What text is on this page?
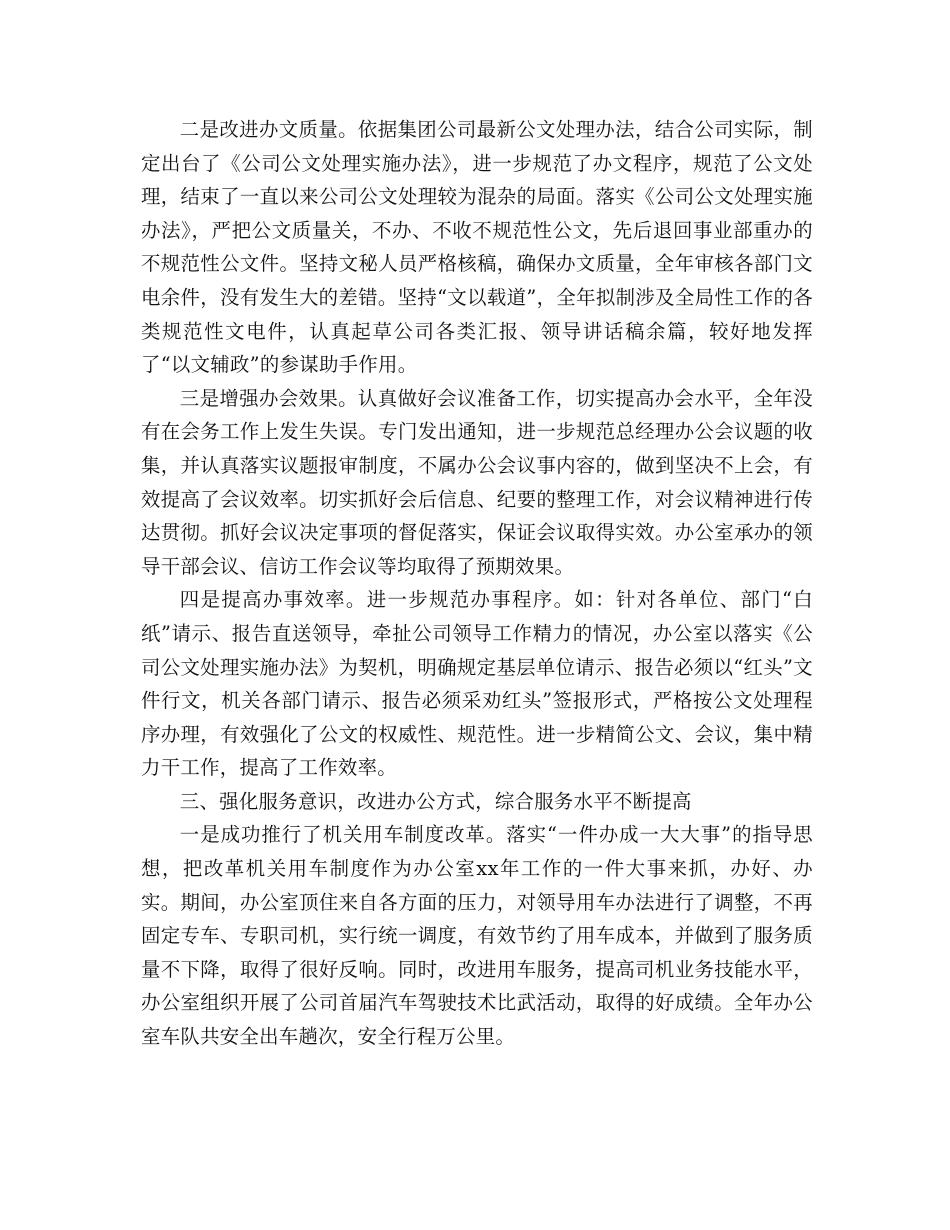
二是改进办文质量。依据集团公司最新公文处理办法，结合公司实际，制定出台了《公司公文处理实施办法》，进一步规范了办文程序，规范了公文处理，结束了一直以来公司公文处理较为混杂的局面。落实《公司公文处理实施办法》，严把公文质量关，不办、不收不规范性公文，先后退回事业部重办的不规范性公文件。坚持文秘人员严格核稿，确保办文质量，全年审核各部门文电余件，没有发生大的差错。坚持“文以载道”，全年拟制涉及全局性工作的各类规范性文电件，认真起草公司各类汇报、领导讲话稿余篇，较好地发挥了“以文辅政”的参谋助手作用。

三是增强办会效果。认真做好会议准备工作，切实提高办会水平，全年没有在会务工作上发生失误。专门发出通知，进一步规范总经理办公会议题的收集，并认真落实议题报审制度，不属办公会议事内容的，做到坚决不上会，有效提高了会议效率。切实抓好会后信息、纪要的整理工作，对会议精神进行传达贯彻。抓好会议决定事项的督促落实，保证会议取得实效。办公室承办的领导干部会议、信访工作会议等均取得了预期效果。

四是提高办事效率。进一步规范办事程序。如：针对各单位、部门“白纸”请示、报告直送领导，牵扯公司领导工作精力的情况，办公室以落实《公司公文处理实施办法》为契机，明确规定基层单位请示、报告必须以“红头”文件行文，机关各部门请示、报告必须采劝红头”签报形式，严格按公文处理程序办理，有效强化了公文的权威性、规范性。进一步精简公文、会议，集中精力干工作，提高了工作效率。

三、强化服务意识，改进办公方式，综合服务水平不断提高

一是成功推行了机关用车制度改革。落实“一件办成一大大事”的指导思想，把改革机关用车制度作为办公室xx年工作的一件大事来抓，办好、办实。期间，办公室顶住来自各方面的压力，对领导用车办法进行了调整，不再固定专车、专职司机，实行统一调度，有效节约了用车成本，并做到了服务质量不下降，取得了很好反响。同时，改进用车服务，提高司机业务技能水平，办公室组织开展了公司首届汽车驾驶技术比武活动，取得的好成绩。全年办公室车队共安全出车趟次，安全行程万公里。
